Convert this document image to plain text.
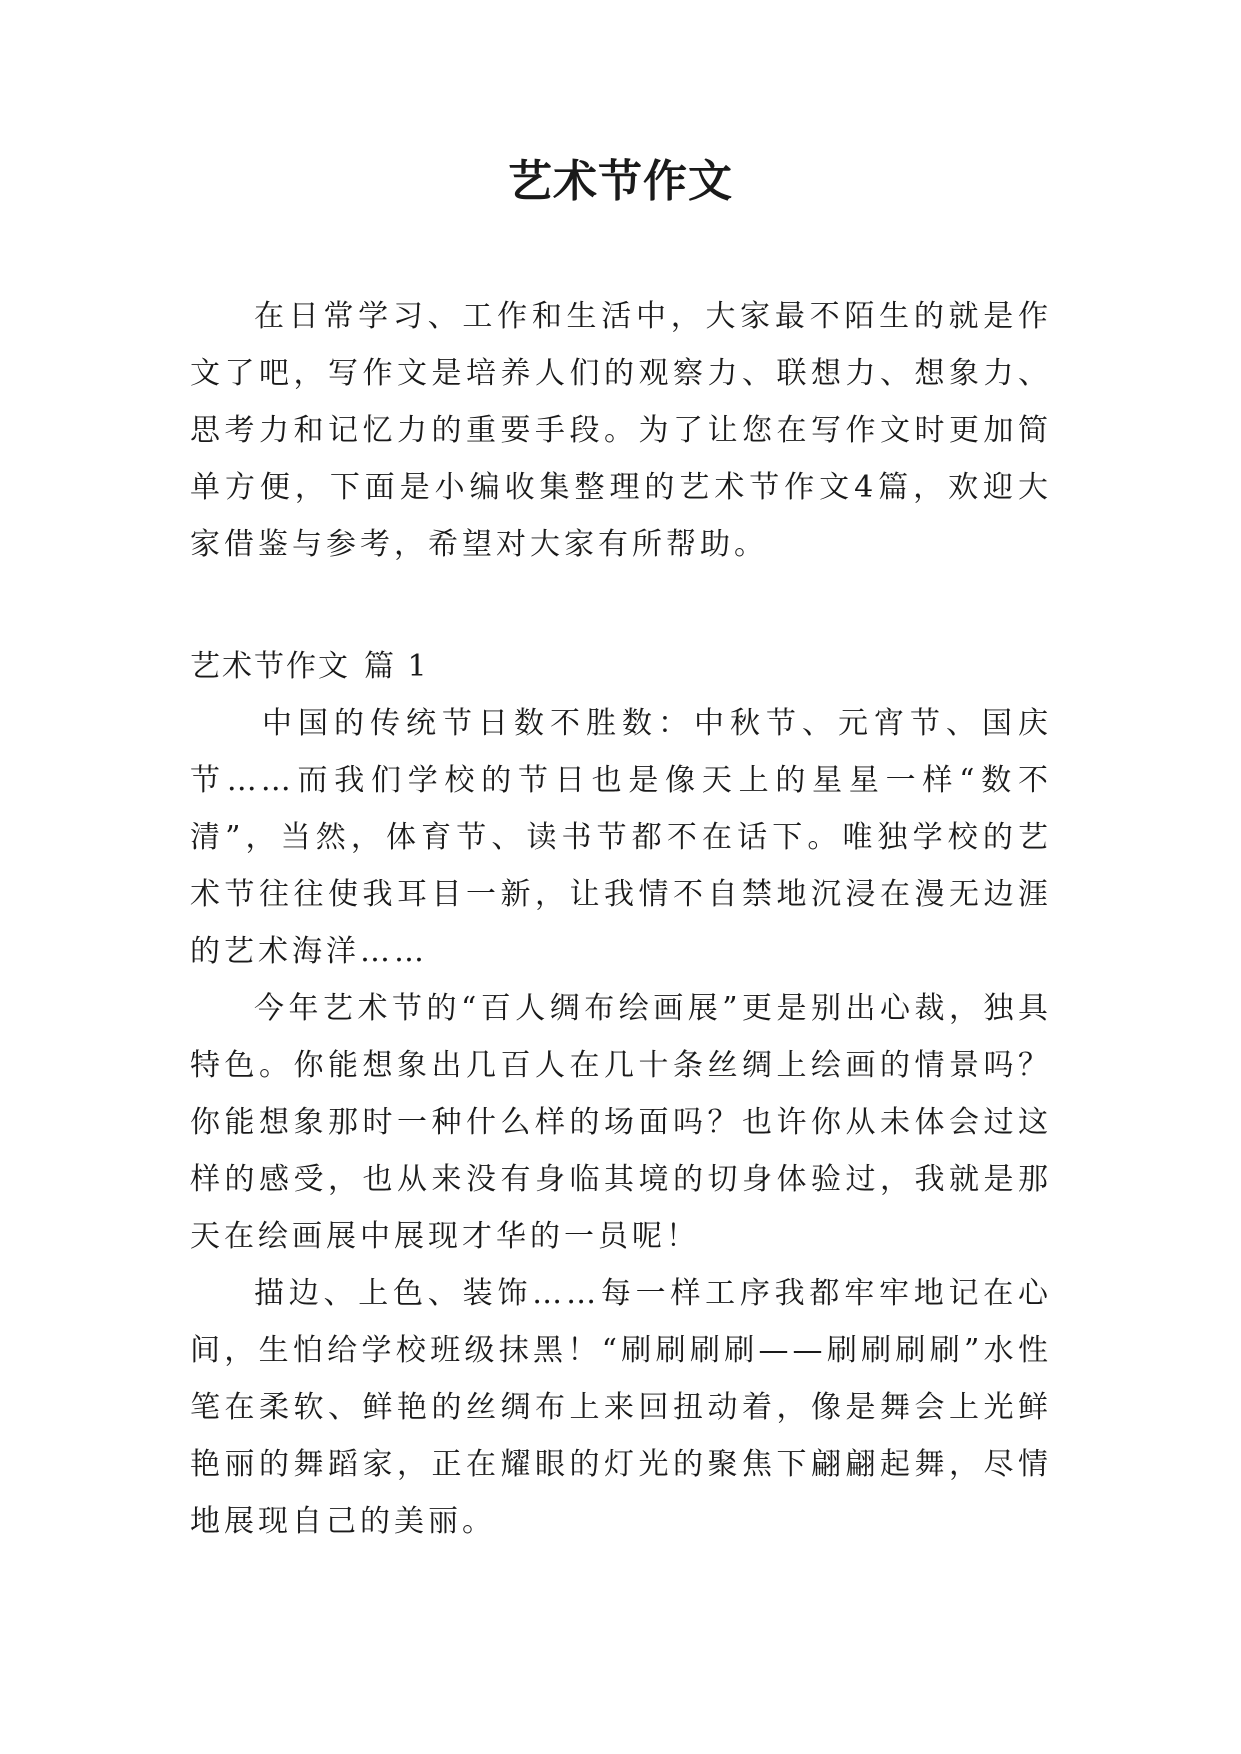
艺术节作文

在日常学习、工作和生活中，大家最不陌生的就是作文了吧，写作文是培养人们的观察力、联想力、想象力、思考力和记忆力的重要手段。为了让您在写作文时更加简单方便，下面是小编收集整理的艺术节作文4篇，欢迎大家借鉴与参考，希望对大家有所帮助。

艺术节作文 篇 1

中国的传统节日数不胜数：中秋节、元宵节、国庆节……而我们学校的节日也是像天上的星星一样“数不清”，当然，体育节、读书节都不在话下。唯独学校的艺术节往往使我耳目一新，让我情不自禁地沉浸在漫无边涯的艺术海洋……

今年艺术节的“百人绸布绘画展”更是别出心裁，独具特色。你能想象出几百人在几十条丝绸上绘画的情景吗？你能想象那时一种什么样的场面吗？也许你从未体会过这样的感受，也从来没有身临其境的切身体验过，我就是那天在绘画展中展现才华的一员呢！

描边、上色、装饰……每一样工序我都牢牢地记在心间，生怕给学校班级抹黑！“刷刷刷刷——刷刷刷刷”水性笔在柔软、鲜艳的丝绸布上来回扭动着，像是舞会上光鲜艳丽的舞蹈家，正在耀眼的灯光的聚焦下翩翩起舞，尽情地展现自己的美丽。
